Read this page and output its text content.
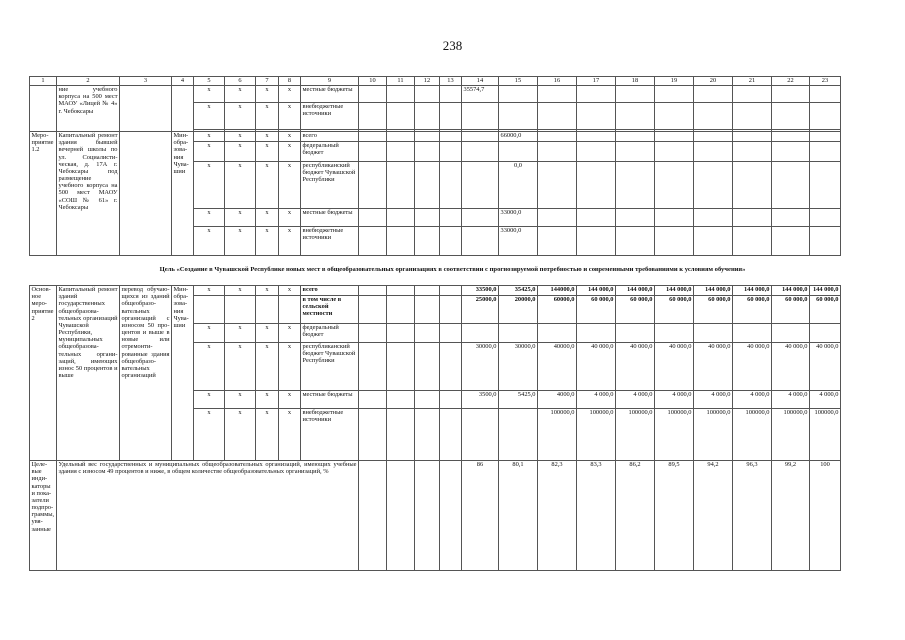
238
1	2	3	4	5	6	7	8	9	10	11	12	13	14	15	16	17	18	19	20	21	22	23
	ние учебного корпуса на 500 мест МАОУ «Лицей № 4» г. Чебоксары			х	х	х	х	местные бюджеты					35574,7									
				х	х	х	х	внебюджетные источники														

Мероприятие 1.2	Капитальный ремонт здания бывшей вечерней школы по ул. Социалистическая, д. 17А г. Чебоксары под размещение учебного корпуса на 500 мест МАОУ «СОШ № 61» г. Чебоксары		Минобразования Чувашии	х	х	х	х	всего						66000,0								
				х	х	х	х	федеральный бюджет														
				х	х	х	х	республиканский бюджет Чувашской Республики						0,0								
				х	х	х	х	местные бюджеты						33000,0								
				х	х	х	х	внебюджетные источники						33000,0								
Цель «Создание в Чувашской Республике новых мест в общеобразовательных организациях в соответствии с прогнозируемой потребностью и современными требованиями к условиям обучения»
Основное мероприятие 2	Капитальный ремонт зданий государственных общеобразовательных организаций Чувашской Республики, муниципальных общеобразовательных организаций, имеющих износ 50 процентов и выше	перевод обучающихся из зданий общеобразовательных организаций с износом 50 процентов и выше в новые или отремонтированные здания общеобразовательных организаций	Минобразования Чувашии	х	х	х	х	всего					33500,0	35425,0	144000,0	144 000,0	144 000,0	144 000,0	144 000,0	144 000,0	144 000,0	144 000,0
								в том числе в сельской местности					25000,0	20000,0	60000,0	60 000,0	60 000,0	60 000,0	60 000,0	60 000,0	60 000,0	60 000,0
				х	х	х	х	федеральный бюджет														
				х	х	х	х	республиканский бюджет Чувашской Республики					30000,0	30000,0	40000,0	40 000,0	40 000,0	40 000,0	40 000,0	40 000,0	40 000,0	40 000,0
				х	х	х	х	местные бюджеты					3500,0	5425,0	4000,0	4 000,0	4 000,0	4 000,0	4 000,0	4 000,0	4 000,0	4 000,0
				х	х	х	х	внебюджетные источники							100000,0	100000,0	100000,0	100000,0	100000,0	100000,0	100000,0	100000,0
Целевые индикаторы и показатели подпрограммы, увязанные	Удельный вес государственных и муниципальных общеобразовательных организаций, имеющих учебные здания с износом 49 процентов и ниже, в общем количестве общеобразовательных организаций, %												86	80,1	82,3	83,3	86,2	89,5	94,2	96,3	99,2	100
